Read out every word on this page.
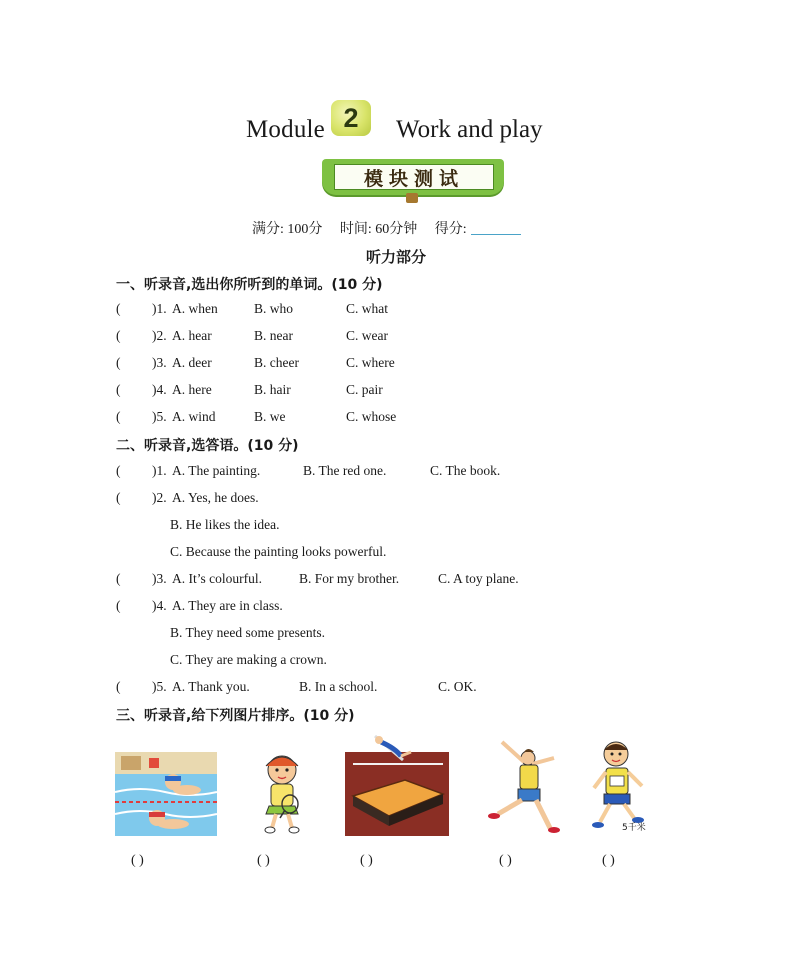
Module 2	Work and play
模块测试
满分: 100分 时间: 60分钟 得分:
听力部分
一、听录音,选出你所听到的单词。(10 分)
( )1. A. when	B. who	C. what
( )2. A. hear	B. near	C. wear
( )3. A. deer	B. cheer	C. where
( )4. A. here	B. hair	C. pair
( )5. A. wind	B. we	C. whose
二、听录音,选答语。(10 分)
( )1. A. The painting.	B. The red one.	C. The book.
( )2. A. Yes, he does.
B. He likes the idea.
C. Because the painting looks powerful.
( )3. A. It’s colourful.	B. For my brother.	C. A toy plane.
( )4. A. They are in class.
B. They need some presents.
C. They are making a crown.
( )5. A. Thank you.	B. In a school.	C. OK.
三、听录音,给下列图片排序。(10 分)
5千米
( )	( )	( )	( )	( )
